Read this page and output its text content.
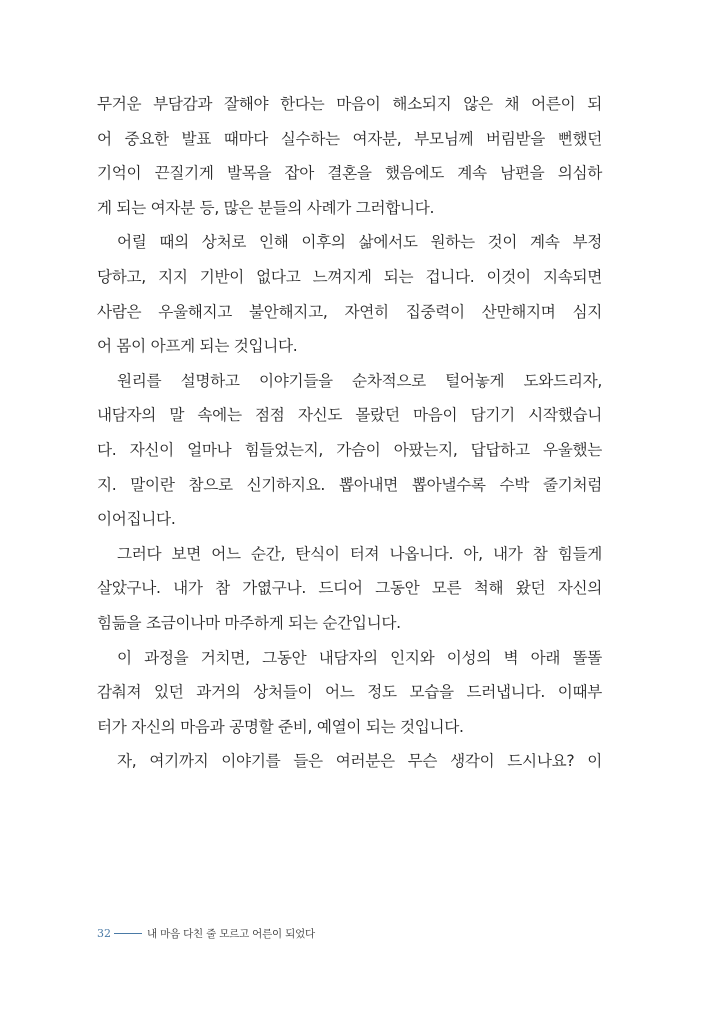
무거운 부담감과 잘해야 한다는 마음이 해소되지 않은 채 어른이 되
어 중요한 발표 때마다 실수하는 여자분, 부모님께 버림받을 뻔했던
기억이 끈질기게 발목을 잡아 결혼을 했음에도 계속 남편을 의심하
게 되는 여자분 등, 많은 분들의 사례가 그러합니다.
어릴 때의 상처로 인해 이후의 삶에서도 원하는 것이 계속 부정
당하고, 지지 기반이 없다고 느껴지게 되는 겁니다. 이것이 지속되면
사람은 우울해지고 불안해지고, 자연히 집중력이 산만해지며 심지
어 몸이 아프게 되는 것입니다.
원리를 설명하고 이야기들을 순차적으로 털어놓게 도와드리자,
내담자의 말 속에는 점점 자신도 몰랐던 마음이 담기기 시작했습니
다. 자신이 얼마나 힘들었는지, 가슴이 아팠는지, 답답하고 우울했는
지. 말이란 참으로 신기하지요. 뽑아내면 뽑아낼수록 수박 줄기처럼
이어집니다.
그러다 보면 어느 순간, 탄식이 터져 나옵니다. 아, 내가 참 힘들게
살았구나. 내가 참 가엾구나. 드디어 그동안 모른 척해 왔던 자신의
힘듦을 조금이나마 마주하게 되는 순간입니다.
이 과정을 거치면, 그동안 내담자의 인지와 이성의 벽 아래 똘똘
감춰져 있던 과거의 상처들이 어느 정도 모습을 드러냅니다. 이때부
터가 자신의 마음과 공명할 준비, 예열이 되는 것입니다.
자, 여기까지 이야기를 들은 여러분은 무슨 생각이 드시나요? 이
32	내 마음 다친 줄 모르고 어른이 되었다
